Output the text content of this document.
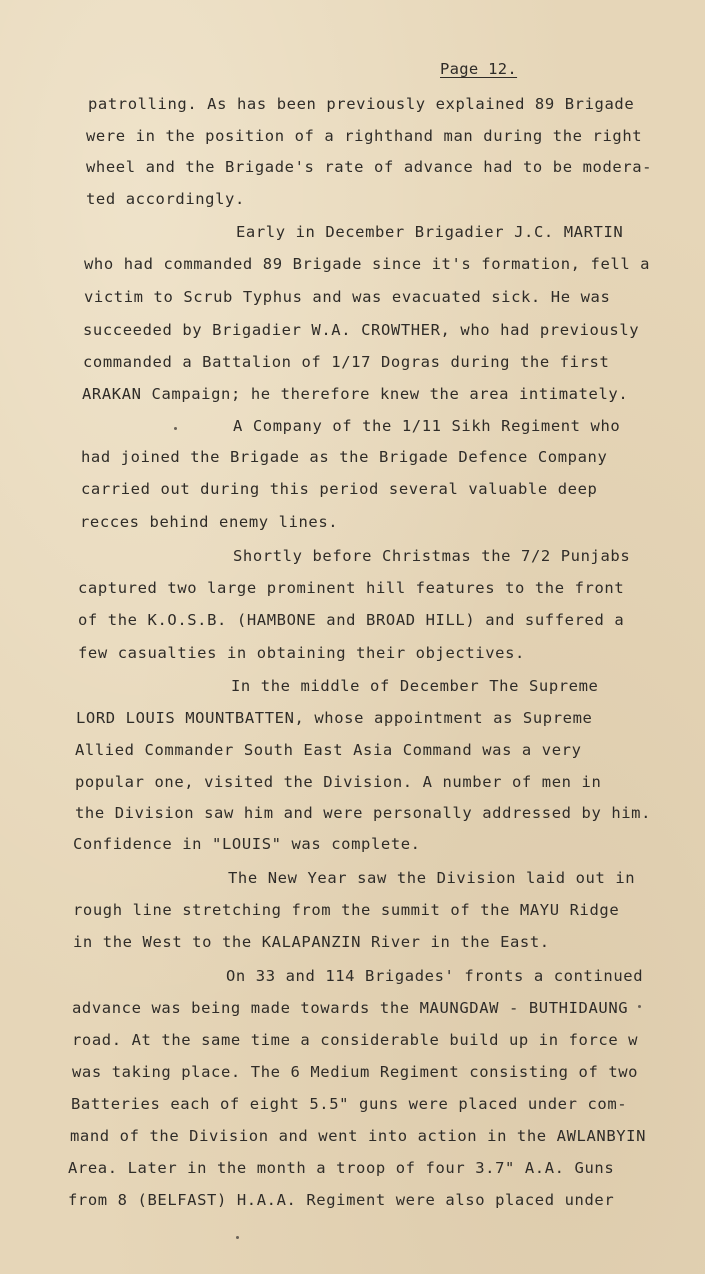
Page 12.
patrolling. As has been previously explained 89 Brigade
were in the position of a righthand man during the right
wheel and the Brigade's rate of advance had to be modera-
ted accordingly.
Early in December Brigadier J.C. MARTIN
who had commanded 89 Brigade since it's formation, fell a
victim to Scrub Typhus and was evacuated sick. He was
succeeded by Brigadier W.A. CROWTHER, who had previously
commanded a Battalion of 1/17 Dogras during the first
ARAKAN Campaign; he therefore knew the area intimately.
A Company of the 1/11 Sikh Regiment who
had joined the Brigade as the Brigade Defence Company
carried out during this period several valuable deep
recces behind enemy lines.
Shortly before Christmas the 7/2 Punjabs
captured two large prominent hill features to the front
of the K.O.S.B. (HAMBONE and BROAD HILL) and suffered a
few casualties in obtaining their objectives.
In the middle of December The Supreme
LORD LOUIS MOUNTBATTEN, whose appointment as Supreme
Allied Commander South East Asia Command was a very
popular one, visited the Division. A number of men in
the Division saw him and were personally addressed by him.
Confidence in "LOUIS" was complete.
The New Year saw the Division laid out in
rough line stretching from the summit of the MAYU Ridge
in the West to the KALAPANZIN River in the East.
On 33 and 114 Brigades' fronts a continued
advance was being made towards the MAUNGDAW - BUTHIDAUNG
road. At the same time a considerable build up in force w
was taking place. The 6 Medium Regiment consisting of two
Batteries each of eight 5.5" guns were placed under com-
mand of the Division and went into action in the AWLANBYIN
Area. Later in the month a troop of four 3.7" A.A. Guns
from 8 (BELFAST) H.A.A. Regiment were also placed under
